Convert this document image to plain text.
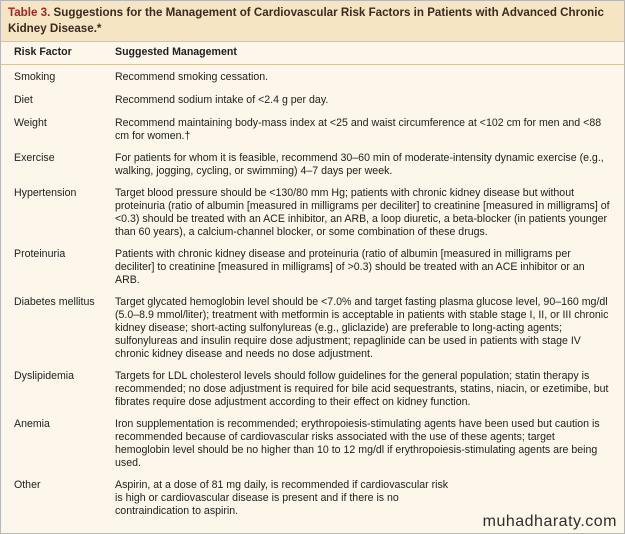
Table 3. Suggestions for the Management of Cardiovascular Risk Factors in Patients with Advanced Chronic Kidney Disease.*
Risk Factor	Suggested Management
Smoking	Recommend smoking cessation.
Diet	Recommend sodium intake of <2.4 g per day.
Weight	Recommend maintaining body-mass index at <25 and waist circumference at <102 cm for men and <88 cm for women.†
Exercise	For patients for whom it is feasible, recommend 30–60 min of moderate-intensity dynamic exercise (e.g., walking, jogging, cycling, or swimming) 4–7 days per week.
Hypertension	Target blood pressure should be <130/80 mm Hg; patients with chronic kidney disease but without proteinuria (ratio of albumin [measured in milligrams per deciliter] to creatinine [measured in milligrams] of <0.3) should be treated with an ACE inhibitor, an ARB, a loop diuretic, a beta-blocker (in patients younger than 60 years), a calcium-channel blocker, or some combination of these drugs.
Proteinuria	Patients with chronic kidney disease and proteinuria (ratio of albumin [measured in milligrams per deciliter] to creatinine [measured in milligrams] of >0.3) should be treated with an ACE inhibitor or an ARB.
Diabetes mellitus	Target glycated hemoglobin level should be <7.0% and target fasting plasma glucose level, 90–160 mg/dl (5.0–8.9 mmol/liter); treatment with metformin is acceptable in patients with stable stage I, II, or III chronic kidney disease; short-acting sulfonylureas (e.g., gliclazide) are preferable to long-acting agents; sulfonylureas and insulin require dose adjustment; repaglinide can be used in patients with stage IV chronic kidney disease and needs no dose adjustment.
Dyslipidemia	Targets for LDL cholesterol levels should follow guidelines for the general population; statin therapy is recommended; no dose adjustment is required for bile acid sequestrants, statins, niacin, or ezetimibe, but fibrates require dose adjustment according to their effect on kidney function.
Anemia	Iron supplementation is recommended; erythropoiesis-stimulating agents have been used but caution is recommended because of cardiovascular risks associated with the use of these agents; target hemoglobin level should be no higher than 10 to 12 mg/dl if erythropoiesis-stimulating agents are being used.
Other	Aspirin, at a dose of 81 mg daily, is recommended if cardiovascular risk is high or cardiovascular disease is present and if there is no contraindication to aspirin.
muhadharaty.com
